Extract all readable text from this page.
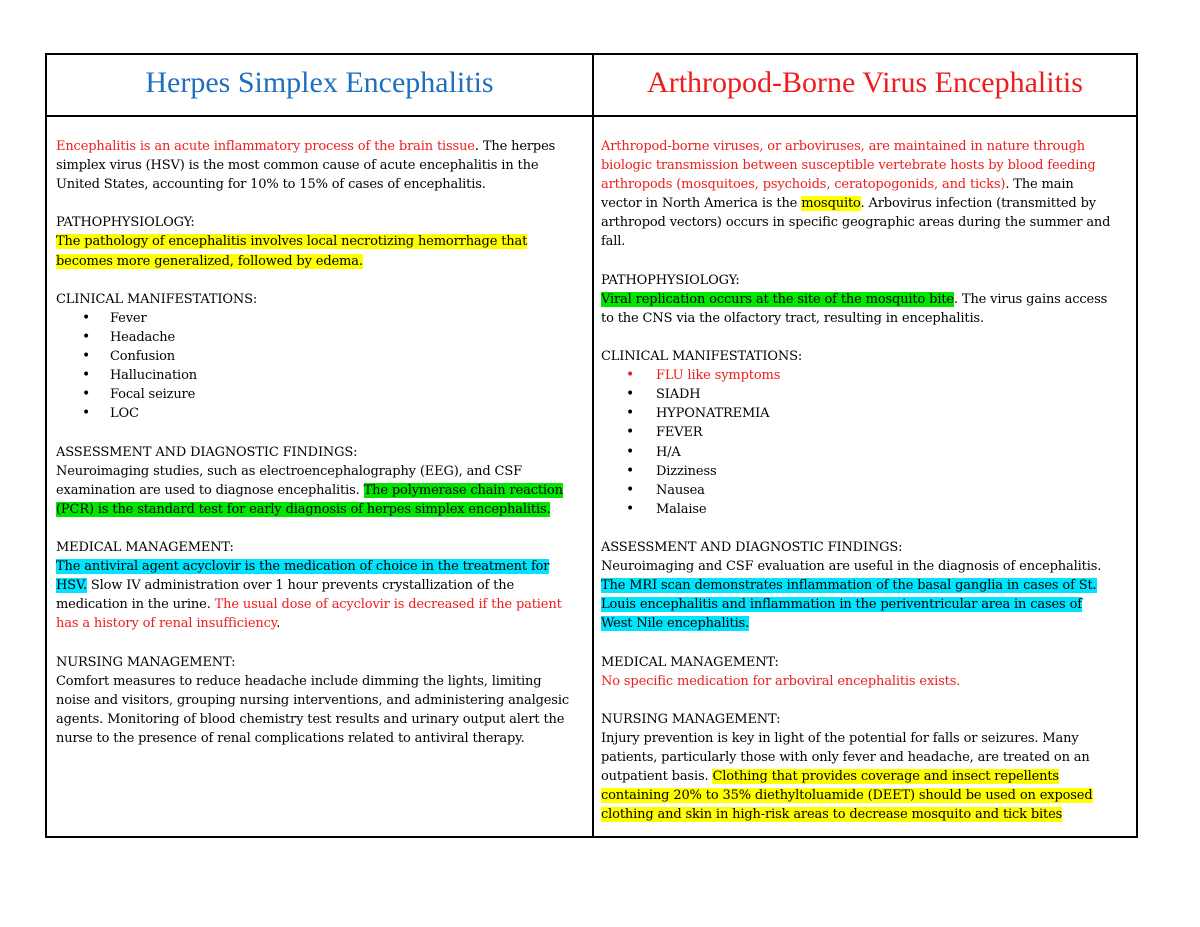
Herpes Simplex Encephalitis	Arthropod-Borne Virus Encephalitis
Encephalitis is an acute inflammatory process of the brain tissue. The herpes
simplex virus (HSV) is the most common cause of acute encephalitis in the
United States, accounting for 10% to 15% of cases of encephalitis.
PATHOPHYSIOLOGY:
The pathology of encephalitis involves local necrotizing hemorrhage that
becomes more generalized, followed by edema.
CLINICAL MANIFESTATIONS:
• Fever
• Headache
• Confusion
• Hallucination
• Focal seizure
• LOC
ASSESSMENT AND DIAGNOSTIC FINDINGS:
Neuroimaging studies, such as electroencephalography (EEG), and CSF
examination are used to diagnose encephalitis. The polymerase chain reaction
(PCR) is the standard test for early diagnosis of herpes simplex encephalitis.
MEDICAL MANAGEMENT:
The antiviral agent acyclovir is the medication of choice in the treatment for
HSV. Slow IV administration over 1 hour prevents crystallization of the
medication in the urine. The usual dose of acyclovir is decreased if the patient
has a history of renal insufficiency.
NURSING MANAGEMENT:
Comfort measures to reduce headache include dimming the lights, limiting
noise and visitors, grouping nursing interventions, and administering analgesic
agents. Monitoring of blood chemistry test results and urinary output alert the
nurse to the presence of renal complications related to antiviral therapy.
Arthropod-borne viruses, or arboviruses, are maintained in nature through
biologic transmission between susceptible vertebrate hosts by blood feeding
arthropods (mosquitoes, psychoids, ceratopogonids, and ticks). The main
vector in North America is the mosquito. Arbovirus infection (transmitted by
arthropod vectors) occurs in specific geographic areas during the summer and
fall.
PATHOPHYSIOLOGY:
Viral replication occurs at the site of the mosquito bite. The virus gains access
to the CNS via the olfactory tract, resulting in encephalitis.
CLINICAL MANIFESTATIONS:
• FLU like symptoms
• SIADH
• HYPONATREMIA
• FEVER
• H/A
• Dizziness
• Nausea
• Malaise
ASSESSMENT AND DIAGNOSTIC FINDINGS:
Neuroimaging and CSF evaluation are useful in the diagnosis of encephalitis.
The MRI scan demonstrates inflammation of the basal ganglia in cases of St.
Louis encephalitis and inflammation in the periventricular area in cases of
West Nile encephalitis.
MEDICAL MANAGEMENT:
No specific medication for arboviral encephalitis exists.
NURSING MANAGEMENT:
Injury prevention is key in light of the potential for falls or seizures. Many
patients, particularly those with only fever and headache, are treated on an
outpatient basis. Clothing that provides coverage and insect repellents
containing 20% to 35% diethyltoluamide (DEET) should be used on exposed
clothing and skin in high-risk areas to decrease mosquito and tick bites
